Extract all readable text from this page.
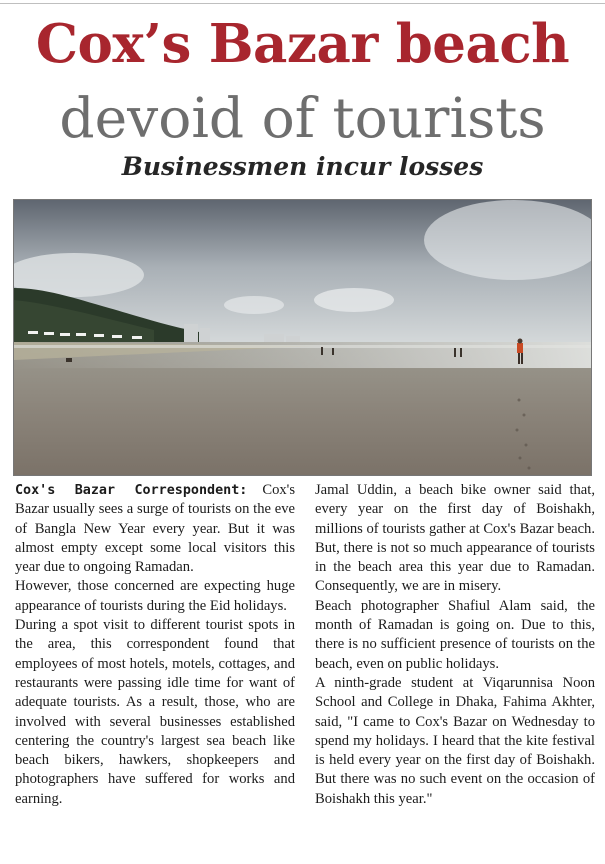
Cox’s Bazar beach
devoid of tourists
Businessmen incur losses

Cox's Bazar Correspondent: Cox's Bazar usually sees a surge of tourists on the eve of Bangla New Year every year. But it was almost empty except some local visitors this year due to ongoing Ramadan.

However, those concerned are expecting huge appearance of tourists during the Eid holidays.

During a spot visit to different tourist spots in the area, this correspondent found that employees of most hotels, motels, cottages, and restaurants were passing idle time for want of adequate tourists. As a result, those, who are involved with several businesses established centering the country's largest sea beach like beach bikers, hawkers, shopkeepers and photographers have suffered for works and earning.

Jamal Uddin, a beach bike owner said that, every year on the first day of Boishakh, millions of tourists gather at Cox's Bazar beach. But, there is not so much appearance of tourists in the beach area this year due to Ramadan. Consequently, we are in misery.

Beach photographer Shafiul Alam said, the month of Ramadan is going on. Due to this, there is no sufficient presence of tourists on the beach, even on public holidays.

A ninth-grade student at Viqarunnisa Noon School and College in Dhaka, Fahima Akhter, said, "I came to Cox's Bazar on Wednesday to spend my holidays. I heard that the kite festival is held every year on the first day of Boishakh. But there was no such event on the occasion of Boishakh this year."
